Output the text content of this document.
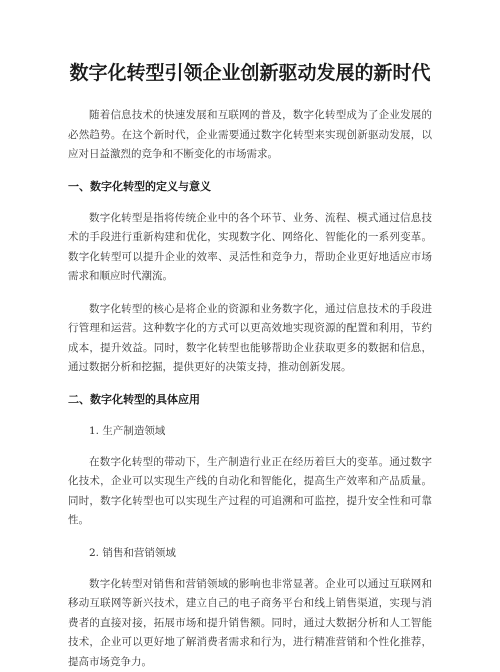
数字化转型引领企业创新驱动发展的新时代

随着信息技术的快速发展和互联网的普及，数字化转型成为了企业发展的必然趋势。在这个新时代，企业需要通过数字化转型来实现创新驱动发展，以应对日益激烈的竞争和不断变化的市场需求。

一、数字化转型的定义与意义

数字化转型是指将传统企业中的各个环节、业务、流程、模式通过信息技术的手段进行重新构建和优化，实现数字化、网络化、智能化的一系列变革。数字化转型可以提升企业的效率、灵活性和竞争力，帮助企业更好地适应市场需求和顺应时代潮流。

数字化转型的核心是将企业的资源和业务数字化，通过信息技术的手段进行管理和运营。这种数字化的方式可以更高效地实现资源的配置和利用，节约成本，提升效益。同时，数字化转型也能够帮助企业获取更多的数据和信息，通过数据分析和挖掘，提供更好的决策支持，推动创新发展。

二、数字化转型的具体应用

1. 生产制造领域

在数字化转型的带动下，生产制造行业正在经历着巨大的变革。通过数字化技术，企业可以实现生产线的自动化和智能化，提高生产效率和产品质量。同时，数字化转型也可以实现生产过程的可追溯和可监控，提升安全性和可靠性。

2. 销售和营销领域

数字化转型对销售和营销领域的影响也非常显著。企业可以通过互联网和移动互联网等新兴技术，建立自己的电子商务平台和线上销售渠道，实现与消费者的直接对接，拓展市场和提升销售额。同时，通过大数据分析和人工智能技术，企业可以更好地了解消费者需求和行为，进行精准营销和个性化推荐，提高市场竞争力。
